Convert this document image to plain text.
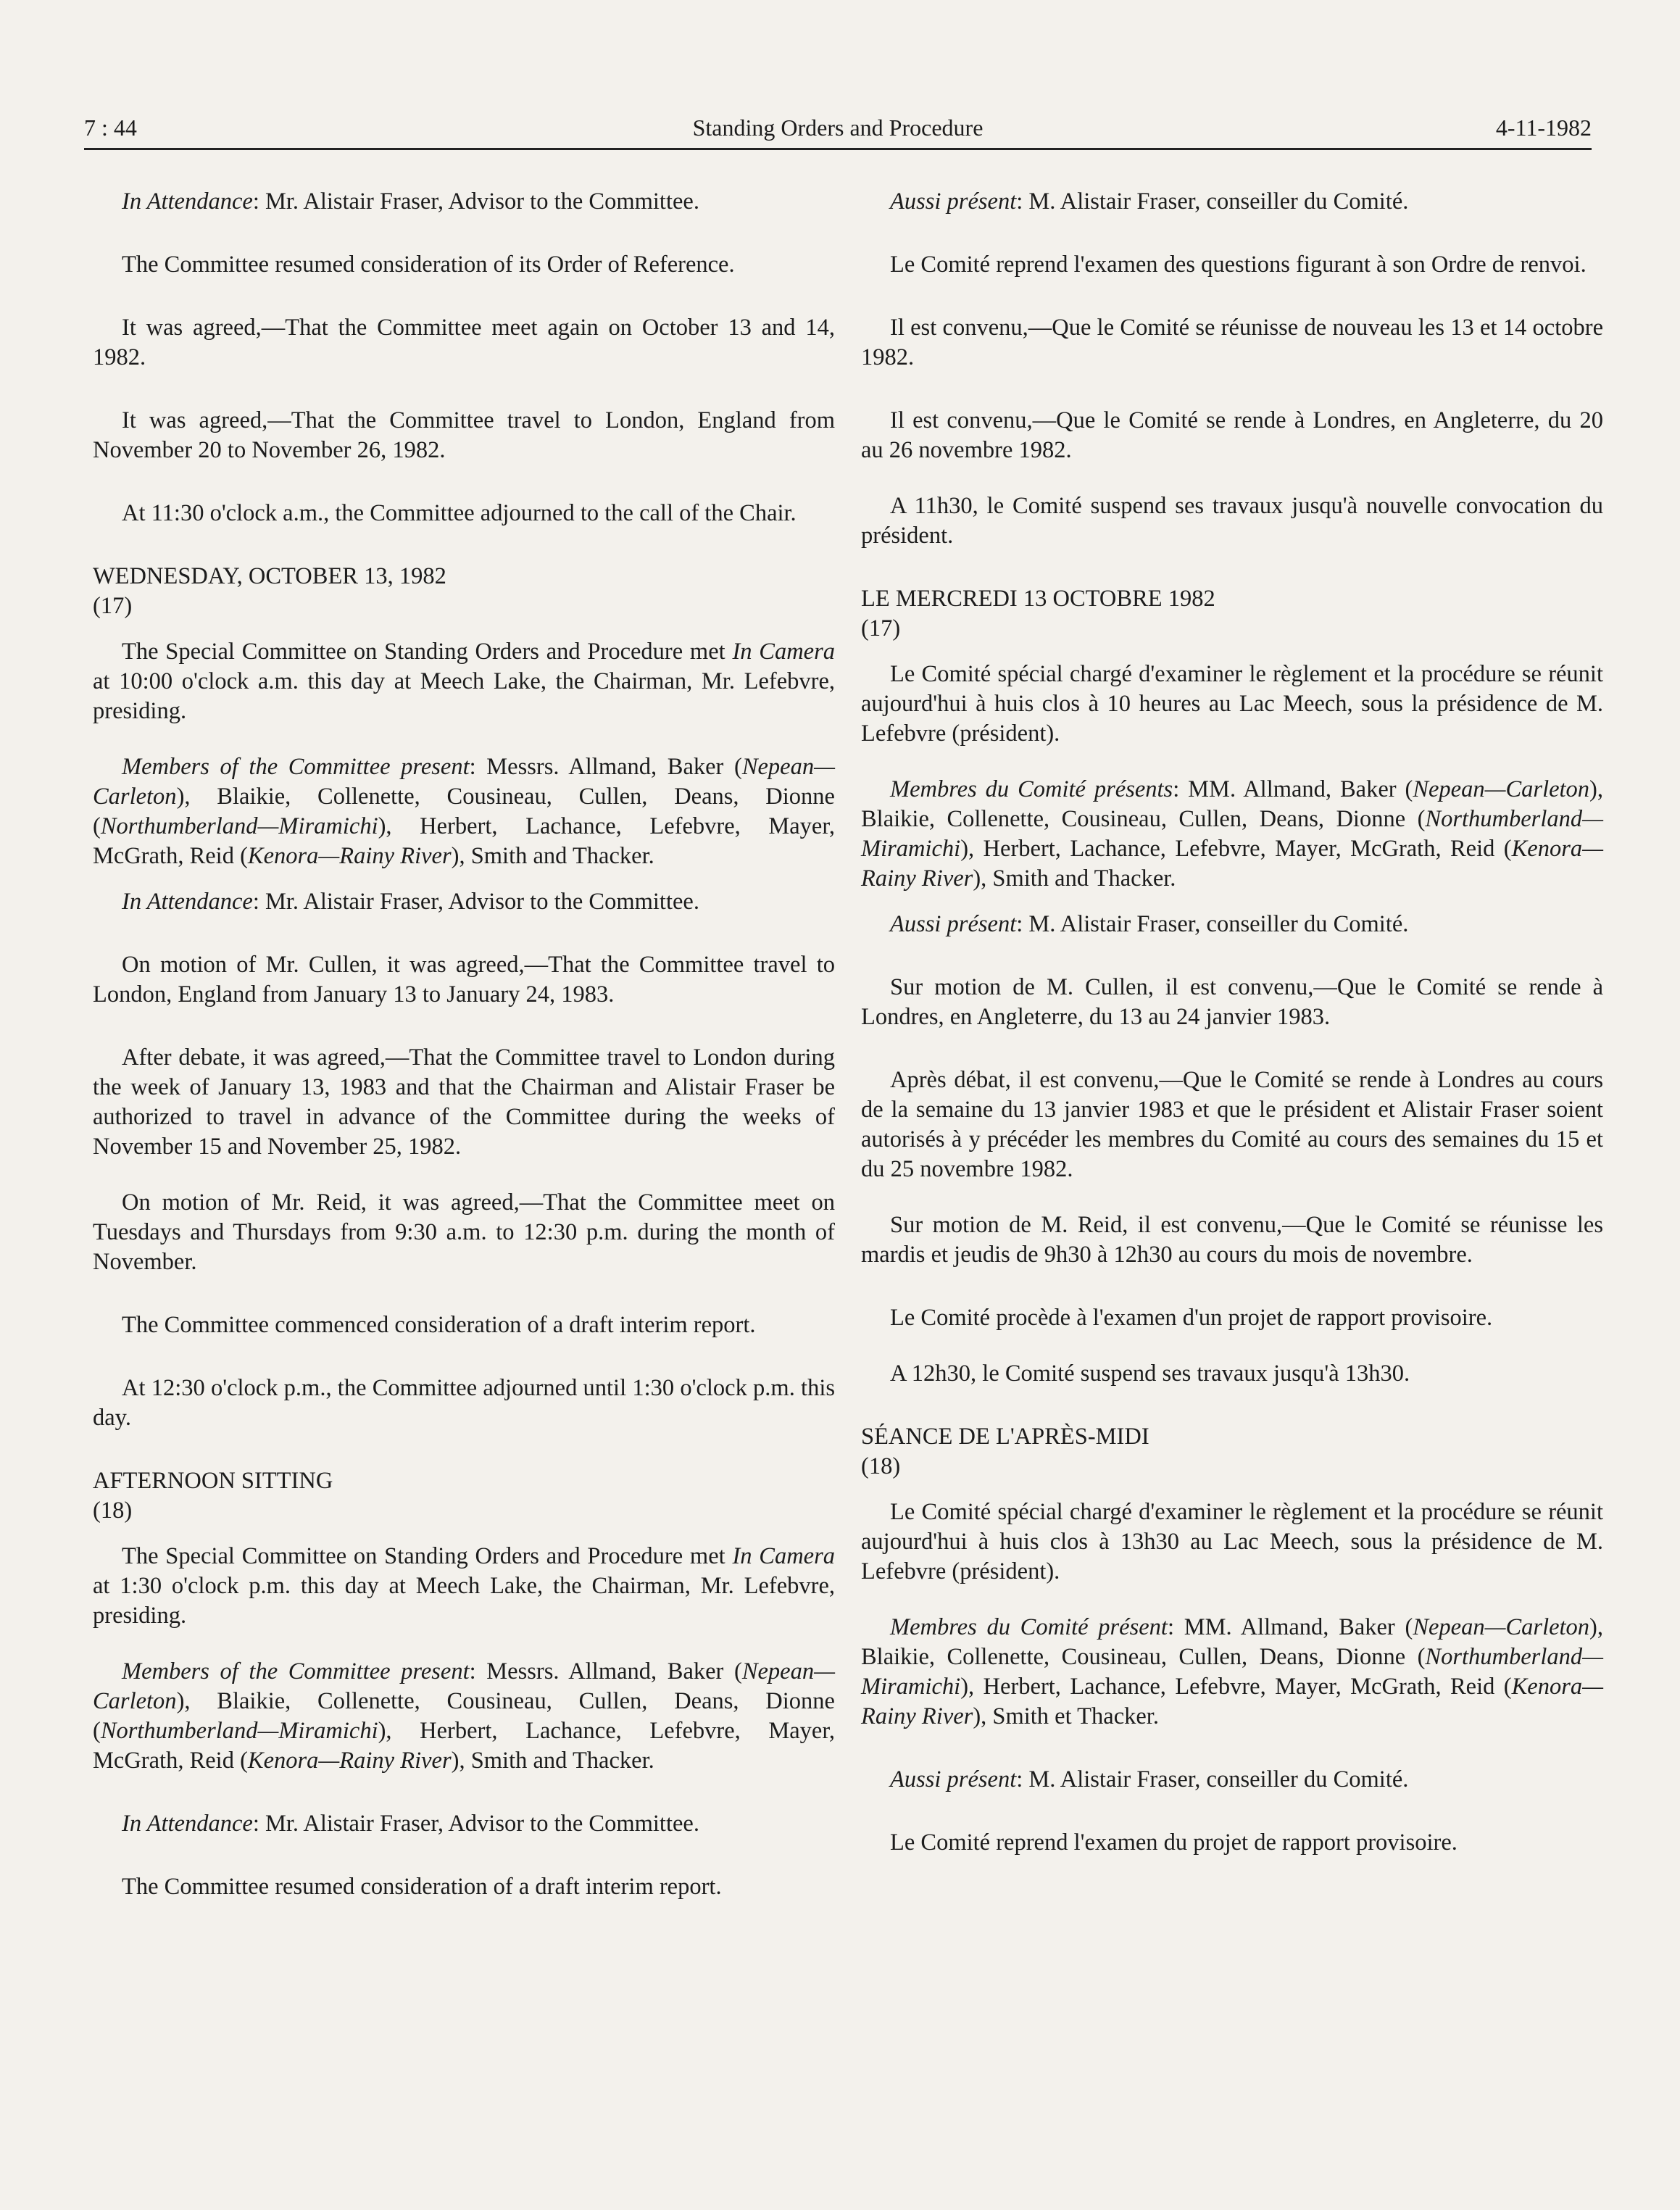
7 : 44	Standing Orders and Procedure	4-11-1982

In Attendance: Mr. Alistair Fraser, Advisor to the Committee.

The Committee resumed consideration of its Order of Reference.

It was agreed,—That the Committee meet again on October 13 and 14, 1982.

It was agreed,—That the Committee travel to London, England from November 20 to November 26, 1982.

At 11:30 o'clock a.m., the Committee adjourned to the call of the Chair.

WEDNESDAY, OCTOBER 13, 1982

(17)

The Special Committee on Standing Orders and Procedure met In Camera at 10:00 o'clock a.m. this day at Meech Lake, the Chairman, Mr. Lefebvre, presiding.

Members of the Committee present: Messrs. Allmand, Baker (Nepean—Carleton), Blaikie, Collenette, Cousineau, Cullen, Deans, Dionne (Northumberland—Miramichi), Herbert, Lachance, Lefebvre, Mayer, McGrath, Reid (Kenora—Rainy River), Smith and Thacker.

In Attendance: Mr. Alistair Fraser, Advisor to the Committee.

On motion of Mr. Cullen, it was agreed,—That the Committee travel to London, England from January 13 to January 24, 1983.

After debate, it was agreed,—That the Committee travel to London during the week of January 13, 1983 and that the Chairman and Alistair Fraser be authorized to travel in advance of the Committee during the weeks of November 15 and November 25, 1982.

On motion of Mr. Reid, it was agreed,—That the Committee meet on Tuesdays and Thursdays from 9:30 a.m. to 12:30 p.m. during the month of November.

The Committee commenced consideration of a draft interim report.

At 12:30 o'clock p.m., the Committee adjourned until 1:30 o'clock p.m. this day.

AFTERNOON SITTING

(18)

The Special Committee on Standing Orders and Procedure met In Camera at 1:30 o'clock p.m. this day at Meech Lake, the Chairman, Mr. Lefebvre, presiding.

Members of the Committee present: Messrs. Allmand, Baker (Nepean—Carleton), Blaikie, Collenette, Cousineau, Cullen, Deans, Dionne (Northumberland—Miramichi), Herbert, Lachance, Lefebvre, Mayer, McGrath, Reid (Kenora—Rainy River), Smith and Thacker.

In Attendance: Mr. Alistair Fraser, Advisor to the Committee.

The Committee resumed consideration of a draft interim report.

Aussi présent: M. Alistair Fraser, conseiller du Comité.

Le Comité reprend l'examen des questions figurant à son Ordre de renvoi.

Il est convenu,—Que le Comité se réunisse de nouveau les 13 et 14 octobre 1982.

Il est convenu,—Que le Comité se rende à Londres, en Angleterre, du 20 au 26 novembre 1982.

A 11h30, le Comité suspend ses travaux jusqu'à nouvelle convocation du président.

LE MERCREDI 13 OCTOBRE 1982

(17)

Le Comité spécial chargé d'examiner le règlement et la procédure se réunit aujourd'hui à huis clos à 10 heures au Lac Meech, sous la présidence de M. Lefebvre (président).

Membres du Comité présents: MM. Allmand, Baker (Nepean—Carleton), Blaikie, Collenette, Cousineau, Cullen, Deans, Dionne (Northumberland—Miramichi), Herbert, Lachance, Lefebvre, Mayer, McGrath, Reid (Kenora—Rainy River), Smith and Thacker.

Aussi présent: M. Alistair Fraser, conseiller du Comité.

Sur motion de M. Cullen, il est convenu,—Que le Comité se rende à Londres, en Angleterre, du 13 au 24 janvier 1983.

Après débat, il est convenu,—Que le Comité se rende à Londres au cours de la semaine du 13 janvier 1983 et que le président et Alistair Fraser soient autorisés à y précéder les membres du Comité au cours des semaines du 15 et du 25 novembre 1982.

Sur motion de M. Reid, il est convenu,—Que le Comité se réunisse les mardis et jeudis de 9h30 à 12h30 au cours du mois de novembre.

Le Comité procède à l'examen d'un projet de rapport provisoire.

A 12h30, le Comité suspend ses travaux jusqu'à 13h30.

SÉANCE DE L'APRÈS-MIDI

(18)

Le Comité spécial chargé d'examiner le règlement et la procédure se réunit aujourd'hui à huis clos à 13h30 au Lac Meech, sous la présidence de M. Lefebvre (président).

Membres du Comité présent: MM. Allmand, Baker (Nepean—Carleton), Blaikie, Collenette, Cousineau, Cullen, Deans, Dionne (Northumberland—Miramichi), Herbert, Lachance, Lefebvre, Mayer, McGrath, Reid (Kenora—Rainy River), Smith et Thacker.

Aussi présent: M. Alistair Fraser, conseiller du Comité.

Le Comité reprend l'examen du projet de rapport provisoire.
